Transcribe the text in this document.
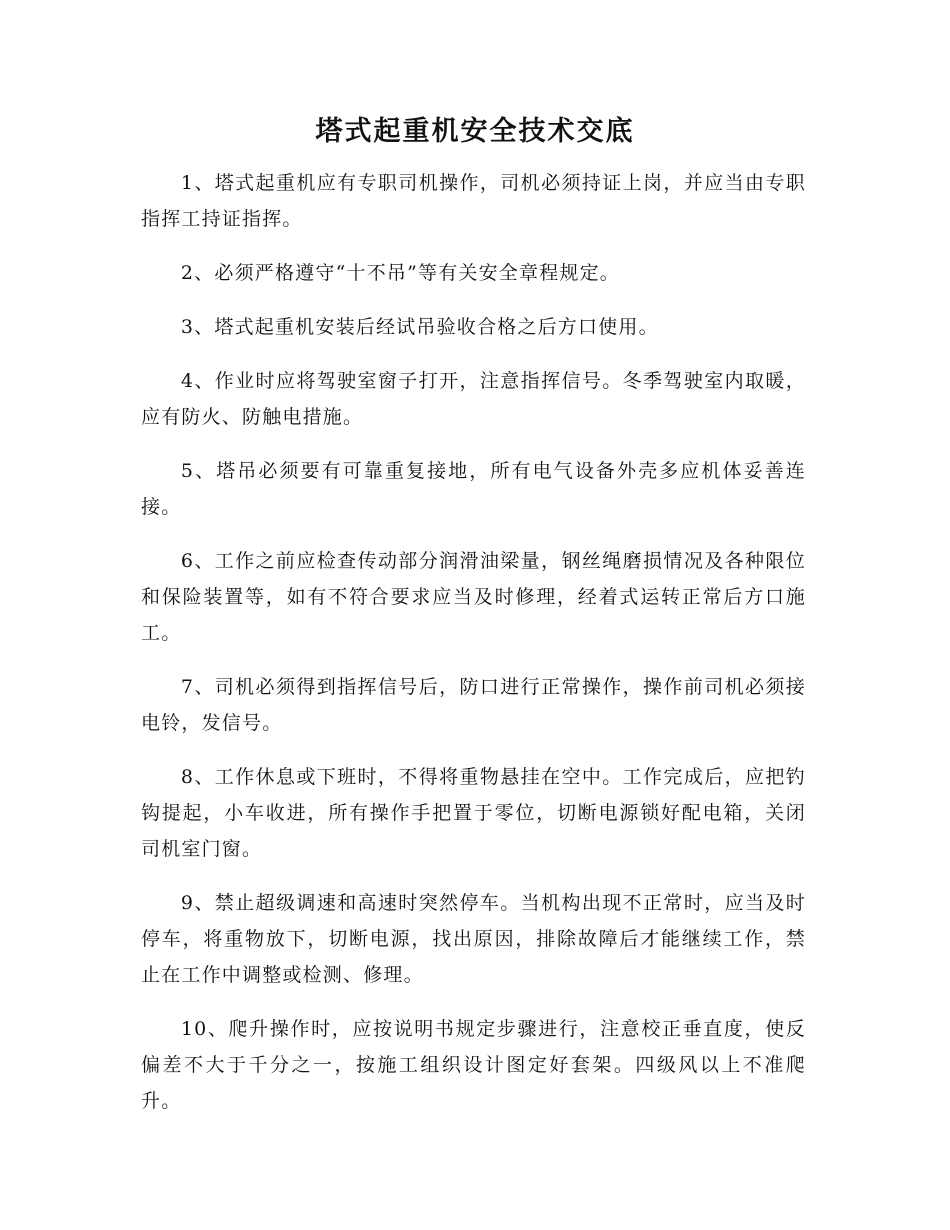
塔式起重机安全技术交底

1、塔式起重机应有专职司机操作，司机必须持证上岗，并应当由专职指挥工持证指挥。

2、必须严格遵守“十不吊”等有关安全章程规定。

3、塔式起重机安装后经试吊验收合格之后方口使用。

4、作业时应将驾驶室窗子打开，注意指挥信号。冬季驾驶室内取暖，应有防火、防触电措施。

5、塔吊必须要有可靠重复接地，所有电气设备外壳多应机体妥善连接。

6、工作之前应检查传动部分润滑油梁量，钢丝绳磨损情况及各种限位和保险装置等，如有不符合要求应当及时修理，经着式运转正常后方口施工。

7、司机必须得到指挥信号后，防口进行正常操作，操作前司机必须接电铃，发信号。

8、工作休息或下班时，不得将重物悬挂在空中。工作完成后，应把钓钩提起，小车收进，所有操作手把置于零位，切断电源锁好配电箱，关闭司机室门窗。

9、禁止超级调速和高速时突然停车。当机构出现不正常时，应当及时停车，将重物放下，切断电源，找出原因，排除故障后才能继续工作，禁止在工作中调整或检测、修理。

10、爬升操作时，应按说明书规定步骤进行，注意校正垂直度，使反偏差不大于千分之一，按施工组织设计图定好套架。四级风以上不准爬升。
